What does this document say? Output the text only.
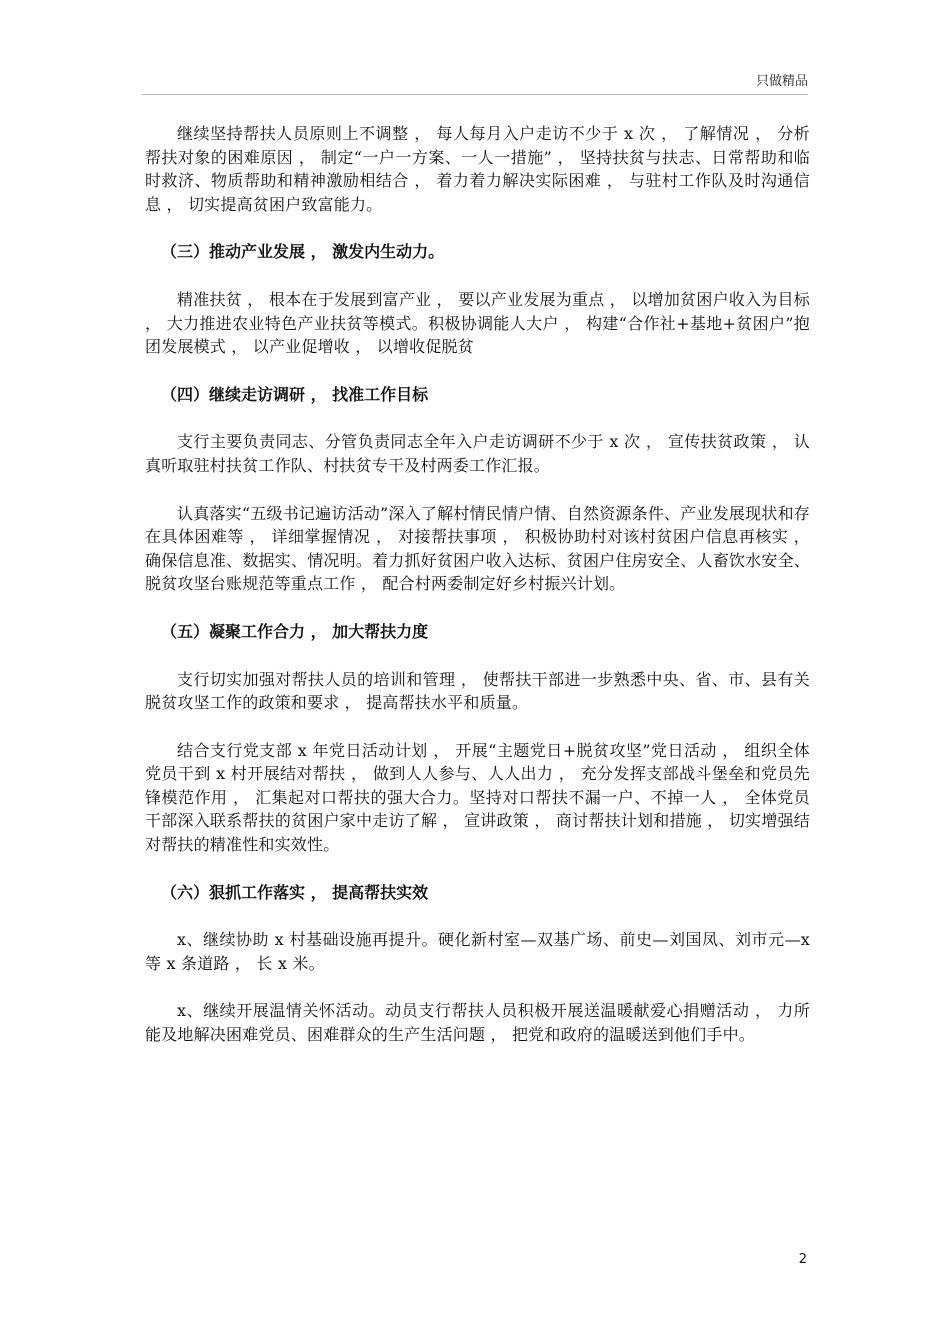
只做精品

继续坚持帮扶人员原则上不调整 ， 每人每月入户走访不少于 x 次 ， 了解情况 ， 分析帮扶对象的困难原因 ， 制定“一户一方案、一人一措施” ， 坚持扶贫与扶志、日常帮助和临时救济、物质帮助和精神激励相结合 ， 着力着力解决实际困难 ， 与驻村工作队及时沟通信息 ， 切实提高贫困户致富能力。

（三）推动产业发展 ， 激发内生动力。

精准扶贫 ， 根本在于发展到富产业 ， 要以产业发展为重点 ， 以增加贫困户收入为目标 ， 大力推进农业特色产业扶贫等模式。积极协调能人大户 ， 构建“合作社+基地+贫困户”抱团发展模式 ， 以产业促增收 ， 以增收促脱贫

（四）继续走访调研 ， 找准工作目标

支行主要负责同志、分管负责同志全年入户走访调研不少于 x 次 ， 宣传扶贫政策 ， 认真听取驻村扶贫工作队、村扶贫专干及村两委工作汇报。

认真落实“五级书记遍访活动”深入了解村情民情户情、自然资源条件、产业发展现状和存在具体困难等 ， 详细掌握情况 ， 对接帮扶事项 ， 积极协助村对该村贫困户信息再核实 ， 确保信息准、数据实、情况明。着力抓好贫困户收入达标、贫困户住房安全、人畜饮水安全、脱贫攻坚台账规范等重点工作 ， 配合村两委制定好乡村振兴计划。

（五）凝聚工作合力 ， 加大帮扶力度

支行切实加强对帮扶人员的培训和管理 ， 使帮扶干部进一步熟悉中央、省、市、县有关脱贫攻坚工作的政策和要求 ， 提高帮扶水平和质量。

结合支行党支部 x 年党日活动计划 ， 开展“主题党日+脱贫攻坚”党日活动 ， 组织全体党员干到 x 村开展结对帮扶 ， 做到人人参与、人人出力 ， 充分发挥支部战斗堡垒和党员先锋模范作用 ， 汇集起对口帮扶的强大合力。坚持对口帮扶不漏一户、不掉一人 ， 全体党员干部深入联系帮扶的贫困户家中走访了解 ， 宣讲政策 ， 商讨帮扶计划和措施 ， 切实增强结对帮扶的精准性和实效性。

（六）狠抓工作落实 ， 提高帮扶实效

x、继续协助 x 村基础设施再提升。硬化新村室—双基广场、前史—刘国凤、刘市元—x 等 x 条道路 ， 长 x 米。

x、继续开展温情关怀活动。动员支行帮扶人员积极开展送温暖献爱心捐赠活动 ， 力所能及地解决困难党员、困难群众的生产生活问题 ， 把党和政府的温暖送到他们手中。

2
